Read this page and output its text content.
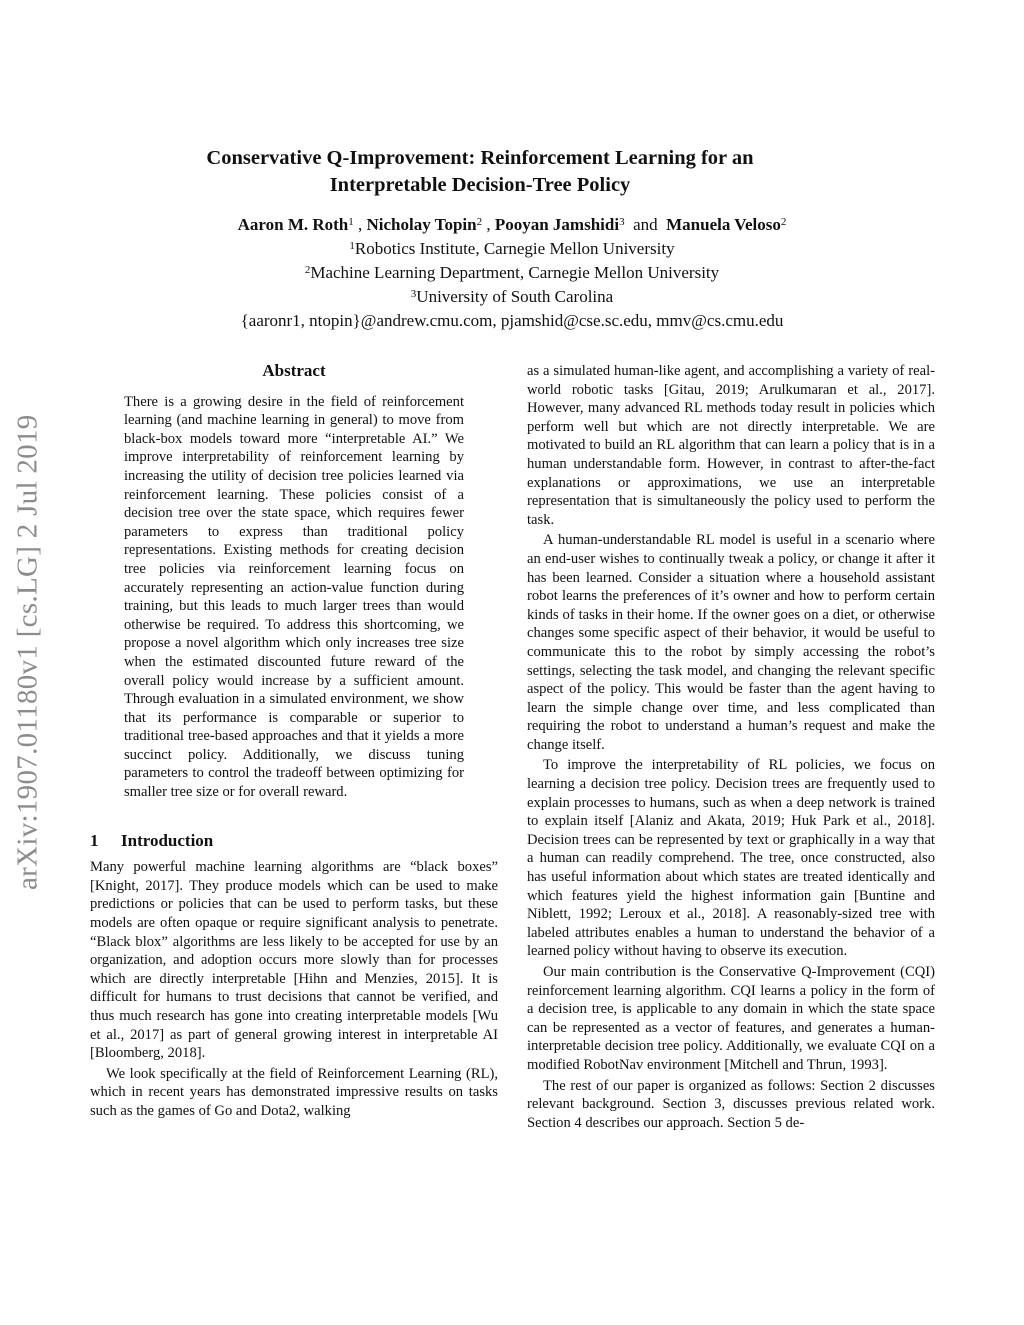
arXiv:1907.01180v1 [cs.LG] 2 Jul 2019
Conservative Q-Improvement: Reinforcement Learning for an
Interpretable Decision-Tree Policy
Aaron M. Roth$^1$ , Nicholay Topin$^2$ , Pooyan Jamshidi$^3$ and Manuela Veloso$^2$
$^1$Robotics Institute, Carnegie Mellon University
$^2$Machine Learning Department, Carnegie Mellon University
$^3$University of South Carolina
{aaronr1, ntopin}@andrew.cmu.com, pjamshid@cse.sc.edu, mmv@cs.cmu.edu
Abstract

There is a growing desire in the field of reinforcement learning (and machine learning in general) to move from black-box models toward more “interpretable AI.” We improve interpretability of reinforcement learning by increasing the utility of decision tree policies learned via reinforcement learning. These policies consist of a decision tree over the state space, which requires fewer parameters to express than traditional policy representations. Existing methods for creating decision tree policies via reinforcement learning focus on accurately representing an action-value function during training, but this leads to much larger trees than would otherwise be required. To address this shortcoming, we propose a novel algorithm which only increases tree size when the estimated discounted future reward of the overall policy would increase by a sufficient amount. Through evaluation in a simulated environment, we show that its performance is comparable or superior to traditional tree-based approaches and that it yields a more succinct policy. Additionally, we discuss tuning parameters to control the tradeoff between optimizing for smaller tree size or for overall reward.

1 Introduction

Many powerful machine learning algorithms are “black boxes” [Knight, 2017]. They produce models which can be used to make predictions or policies that can be used to perform tasks, but these models are often opaque or require significant analysis to penetrate. “Black blox” algorithms are less likely to be accepted for use by an organization, and adoption occurs more slowly than for processes which are directly interpretable [Hihn and Menzies, 2015]. It is difficult for humans to trust decisions that cannot be verified, and thus much research has gone into creating interpretable models [Wu et al., 2017] as part of general growing interest in interpretable AI [Bloomberg, 2018].

We look specifically at the field of Reinforcement Learning (RL), which in recent years has demonstrated impressive results on tasks such as the games of Go and Dota2, walking

as a simulated human-like agent, and accomplishing a variety of real-world robotic tasks [Gitau, 2019; Arulkumaran et al., 2017]. However, many advanced RL methods today result in policies which perform well but which are not directly interpretable. We are motivated to build an RL algorithm that can learn a policy that is in a human understandable form. However, in contrast to after-the-fact explanations or approximations, we use an interpretable representation that is simultaneously the policy used to perform the task.

A human-understandable RL model is useful in a scenario where an end-user wishes to continually tweak a policy, or change it after it has been learned. Consider a situation where a household assistant robot learns the preferences of it’s owner and how to perform certain kinds of tasks in their home. If the owner goes on a diet, or otherwise changes some specific aspect of their behavior, it would be useful to communicate this to the robot by simply accessing the robot’s settings, selecting the task model, and changing the relevant specific aspect of the policy. This would be faster than the agent having to learn the simple change over time, and less complicated than requiring the robot to understand a human’s request and make the change itself.

To improve the interpretability of RL policies, we focus on learning a decision tree policy. Decision trees are frequently used to explain processes to humans, such as when a deep network is trained to explain itself [Alaniz and Akata, 2019; Huk Park et al., 2018]. Decision trees can be represented by text or graphically in a way that a human can readily comprehend. The tree, once constructed, also has useful information about which states are treated identically and which features yield the highest information gain [Buntine and Niblett, 1992; Leroux et al., 2018]. A reasonably-sized tree with labeled attributes enables a human to understand the behavior of a learned policy without having to observe its execution.

Our main contribution is the Conservative Q-Improvement (CQI) reinforcement learning algorithm. CQI learns a policy in the form of a decision tree, is applicable to any domain in which the state space can be represented as a vector of features, and generates a human-interpretable decision tree policy. Additionally, we evaluate CQI on a modified RobotNav environment [Mitchell and Thrun, 1993].

The rest of our paper is organized as follows: Section 2 discusses relevant background. Section 3, discusses previous related work. Section 4 describes our approach. Section 5 de-
